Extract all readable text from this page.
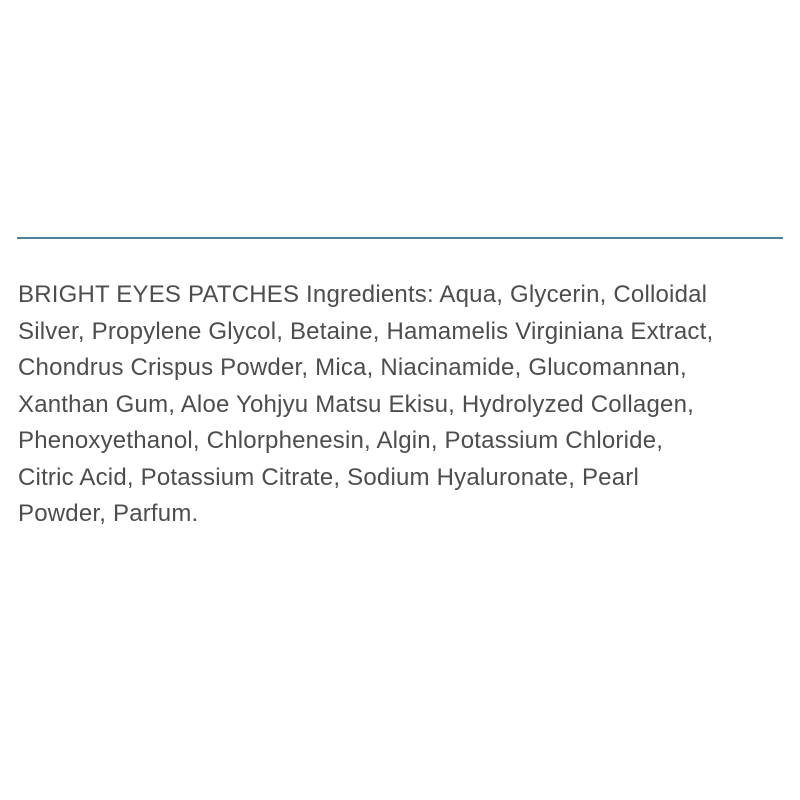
BRIGHT EYES PATCHES Ingredients: Aqua, Glycerin, Colloidal
Silver, Propylene Glycol, Betaine, Hamamelis Virginiana Extract,
Chondrus Crispus Powder, Mica, Niacinamide, Glucomannan,
Xanthan Gum, Aloe Yohjyu Matsu Ekisu, Hydrolyzed Collagen,
Phenoxyethanol, Chlorphenesin, Algin, Potassium Chloride,
Citric Acid, Potassium Citrate, Sodium Hyaluronate, Pearl
Powder, Parfum.
